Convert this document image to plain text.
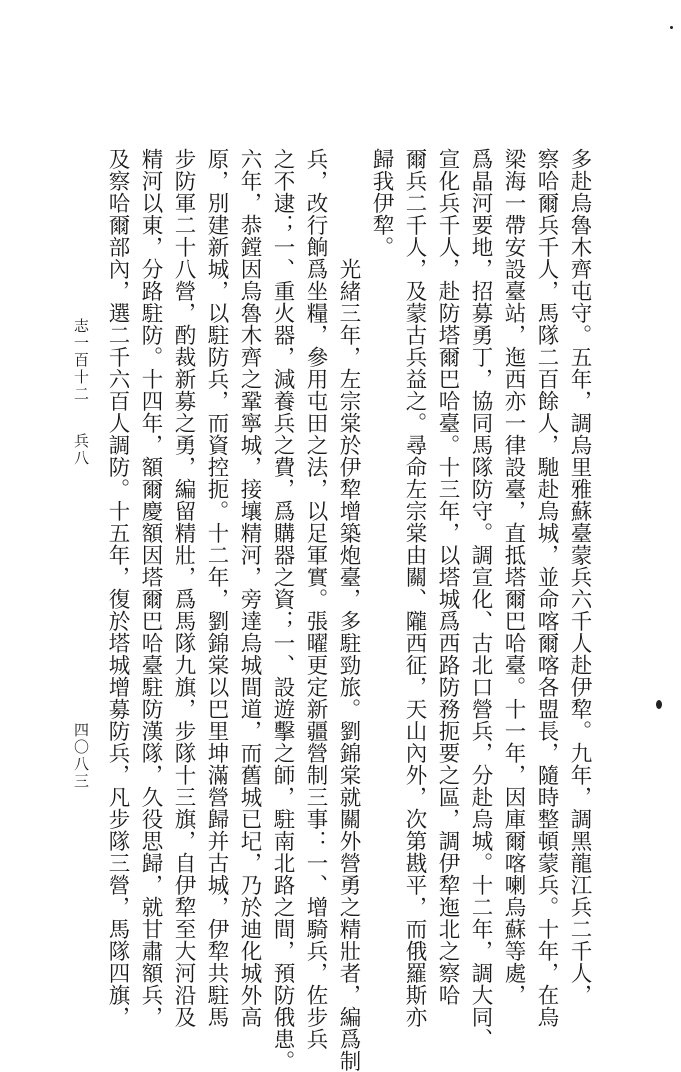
多赴烏魯木齊屯守。五年，調烏里雅蘇臺蒙兵六千人赴伊犂。九年，調黑龍江兵二千人，
察哈爾兵千人，馬隊二百餘人，馳赴烏城，並命喀爾喀各盟長，隨時整頓蒙兵。十年，在烏
梁海一帶安設臺站，迤西亦一律設臺，直抵塔爾巴哈臺。十一年，因庫爾喀喇烏蘇等處，
爲晶河要地，招募勇丁，協同馬隊防守。調宣化、古北口營兵，分赴烏城。十二年，調大同、
宣化兵千人，赴防塔爾巴哈臺。十三年，以塔城爲西路防務扼要之區，調伊犂迤北之察哈
爾兵二千人，及蒙古兵益之。尋命左宗棠由關、隴西征，天山內外，次第戡平，而俄羅斯亦
歸我伊犂。
光緒三年，左宗棠於伊犂增築炮臺，多駐勁旅。劉錦棠就關外營勇之精壯者，編爲制
兵，改行餉爲坐糧，參用屯田之法，以足軍實。張曜更定新疆營制三事：一、增騎兵，佐步兵
之不逮；一、重火器，減養兵之費，爲購器之資；一、設遊擊之師，駐南北路之間，預防俄患。
六年，恭鏜因烏魯木齊之鞏寧城，接壤精河，旁達烏城間道，而舊城已圮，乃於迪化城外高
原，別建新城，以駐防兵，而資控扼。十二年，劉錦棠以巴里坤滿營歸并古城，伊犂共駐馬
步防軍二十八營，酌裁新募之勇，編留精壯，爲馬隊九旗，步隊十三旗，自伊犂至大河沿及
精河以東，分路駐防。十四年，額爾慶額因塔爾巴哈臺駐防漢隊，久役思歸，就甘肅額兵，
及察哈爾部內，選二千六百人調防。十五年，復於塔城增募防兵，凡步隊三營，馬隊四旗，
志一百十二兵八
四〇八三
